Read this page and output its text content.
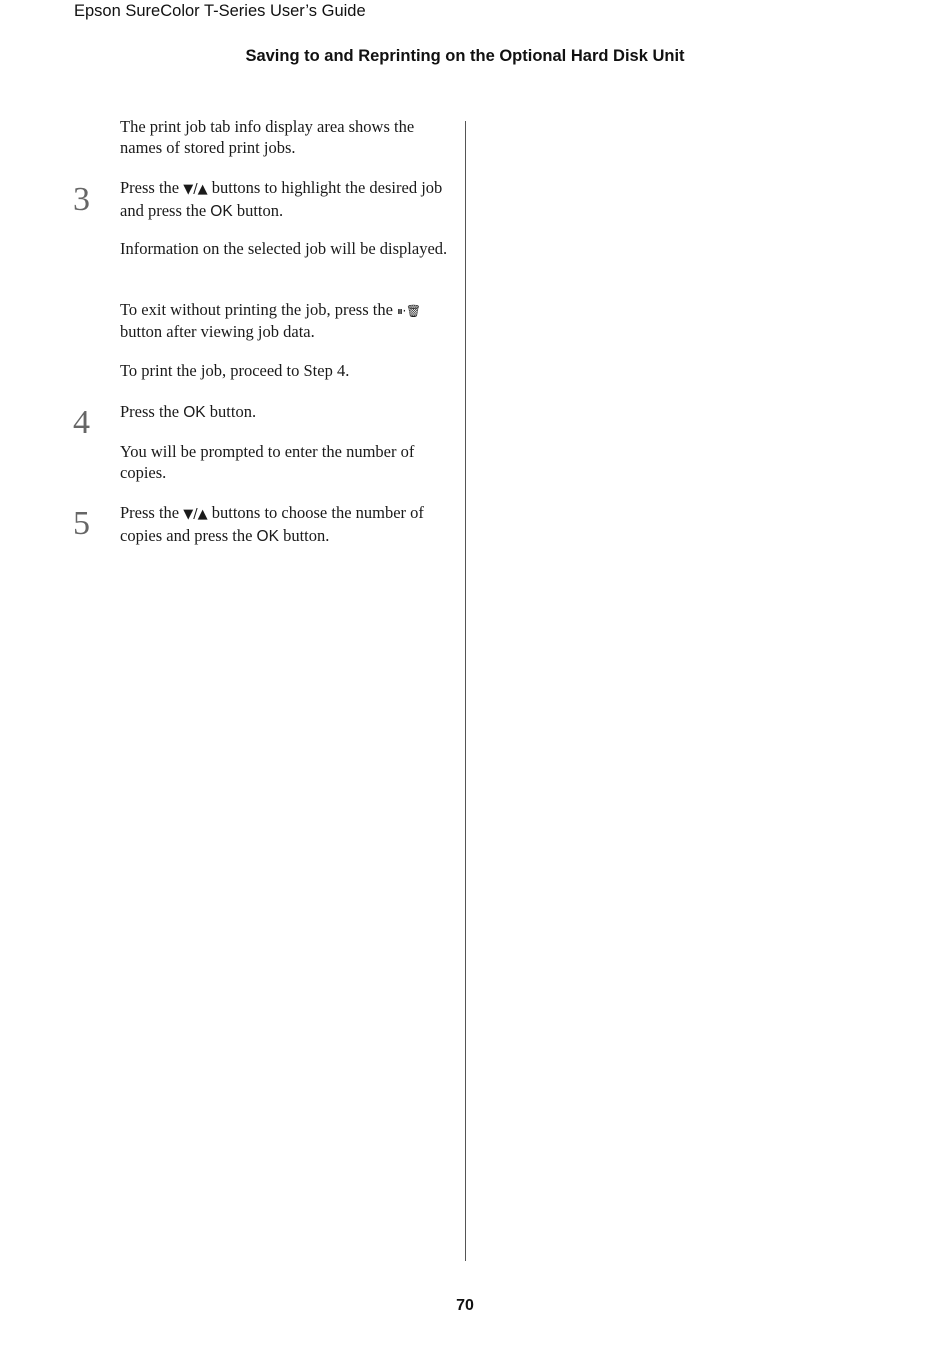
Epson SureColor T-Series User’s Guide
Saving to and Reprinting on the Optional Hard Disk Unit
The print job tab info display area shows the names of stored print jobs.
3 Press the ▼/▲ buttons to highlight the desired job and press the OK button.
Information on the selected job will be displayed.
To exit without printing the job, press the ⏸·🗑 button after viewing job data.
To print the job, proceed to Step 4.
4 Press the OK button.
You will be prompted to enter the number of copies.
5 Press the ▼/▲ buttons to choose the number of copies and press the OK button.
70
